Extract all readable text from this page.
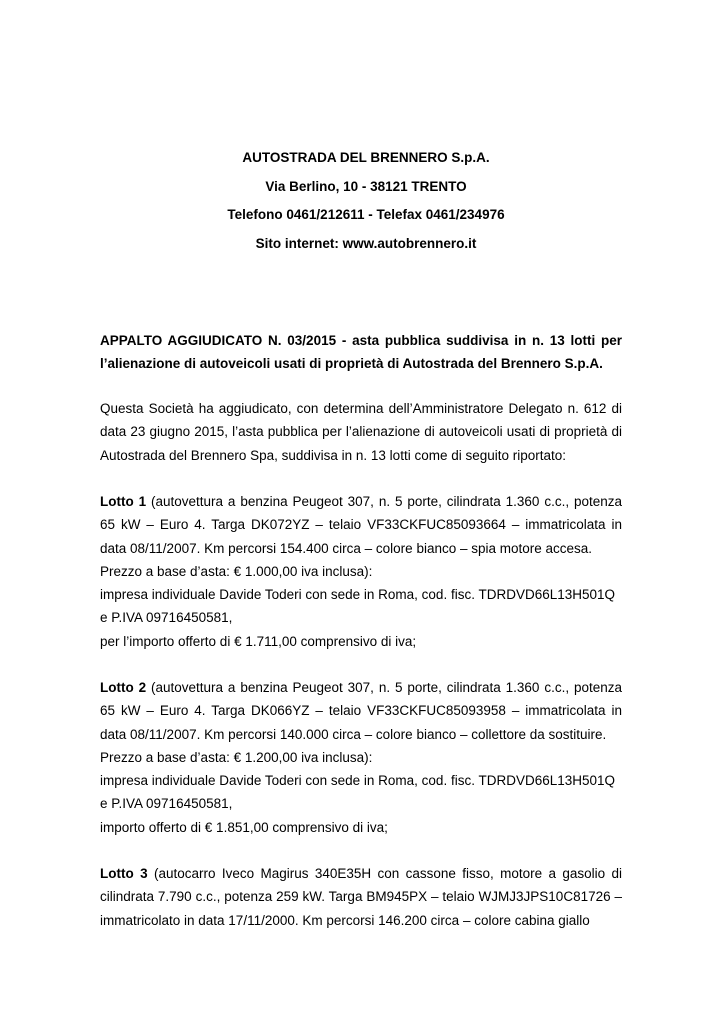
AUTOSTRADA DEL BRENNERO S.p.A.
Via Berlino, 10 - 38121 TRENTO
Telefono 0461/212611 - Telefax 0461/234976
Sito internet: www.autobrennero.it
APPALTO AGGIUDICATO N. 03/2015 - asta pubblica suddivisa in n. 13 lotti per l’alienazione di autoveicoli usati di proprietà di Autostrada del Brennero S.p.A.
Questa Società ha aggiudicato, con determina dell’Amministratore Delegato n. 612 di data 23 giugno 2015, l’asta pubblica per l’alienazione di autoveicoli usati di proprietà di Autostrada del Brennero Spa, suddivisa in n. 13 lotti come di seguito riportato:
Lotto 1 (autovettura a benzina Peugeot 307, n. 5 porte, cilindrata 1.360 c.c., potenza 65 kW – Euro 4. Targa DK072YZ – telaio VF33CKFUC85093664 – immatricolata in data 08/11/2007. Km percorsi 154.400 circa – colore bianco – spia motore accesa.
Prezzo a base d’asta: € 1.000,00 iva inclusa):
impresa individuale Davide Toderi con sede in Roma, cod. fisc. TDRDVD66L13H501Q
e P.IVA 09716450581,
per l’importo offerto di € 1.711,00 comprensivo di iva;
Lotto 2 (autovettura a benzina Peugeot 307, n. 5 porte, cilindrata 1.360 c.c., potenza 65 kW – Euro 4. Targa DK066YZ – telaio VF33CKFUC85093958 – immatricolata in data 08/11/2007. Km percorsi 140.000 circa – colore bianco – collettore da sostituire.
Prezzo a base d’asta: € 1.200,00 iva inclusa):
impresa individuale Davide Toderi con sede in Roma, cod. fisc. TDRDVD66L13H501Q
e P.IVA 09716450581,
importo offerto di € 1.851,00 comprensivo di iva;
Lotto 3 (autocarro Iveco Magirus 340E35H con cassone fisso, motore a gasolio di cilindrata 7.790 c.c., potenza 259 kW. Targa BM945PX – telaio WJMJ3JPS10C81726 – immatricolato in data 17/11/2000. Km percorsi 146.200 circa – colore cabina giallo
